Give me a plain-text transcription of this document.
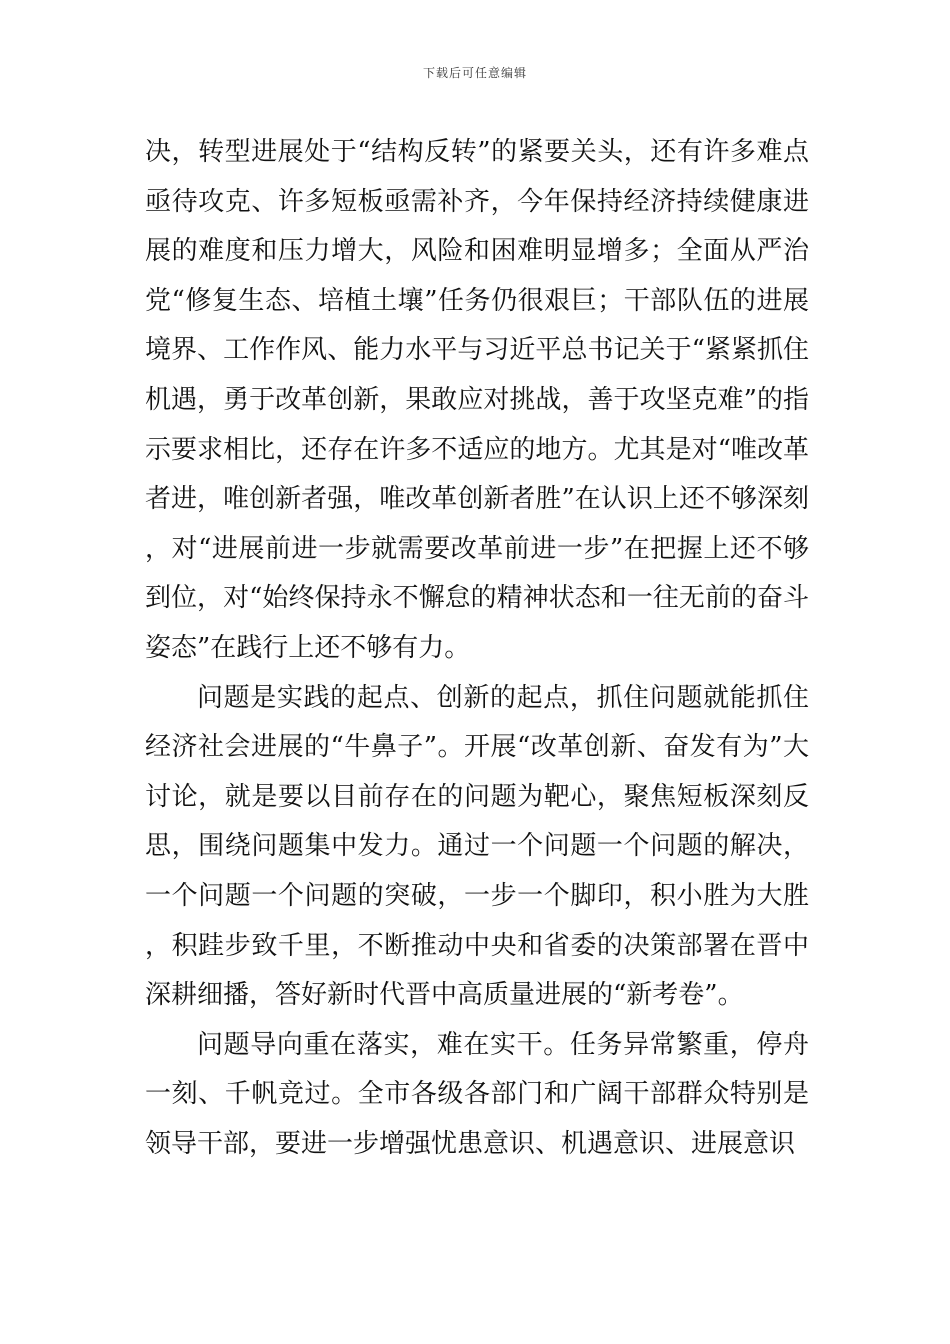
下载后可任意编辑

决，转型进展处于“结构反转”的紧要关头，还有许多难点亟待攻克、许多短板亟需补齐，今年保持经济持续健康进展的难度和压力增大，风险和困难明显增多；全面从严治党“修复生态、培植土壤”任务仍很艰巨；干部队伍的进展境界、工作作风、能力水平与习近平总书记关于“紧紧抓住机遇，勇于改革创新，果敢应对挑战，善于攻坚克难”的指示要求相比，还存在许多不适应的地方。尤其是对“唯改革者进，唯创新者强，唯改革创新者胜”在认识上还不够深刻，对“进展前进一步就需要改革前进一步”在把握上还不够到位，对“始终保持永不懈怠的精神状态和一往无前的奋斗姿态”在践行上还不够有力。

问题是实践的起点、创新的起点，抓住问题就能抓住经济社会进展的“牛鼻子”。开展“改革创新、奋发有为”大讨论，就是要以目前存在的问题为靶心，聚焦短板深刻反思，围绕问题集中发力。通过一个问题一个问题的解决，一个问题一个问题的突破，一步一个脚印，积小胜为大胜，积跬步致千里，不断推动中央和省委的决策部署在晋中深耕细播，答好新时代晋中高质量进展的“新考卷”。

问题导向重在落实，难在实干。任务异常繁重，停舟一刻、千帆竞过。全市各级各部门和广阔干部群众特别是领导干部，要进一步增强忧患意识、机遇意识、进展意识
